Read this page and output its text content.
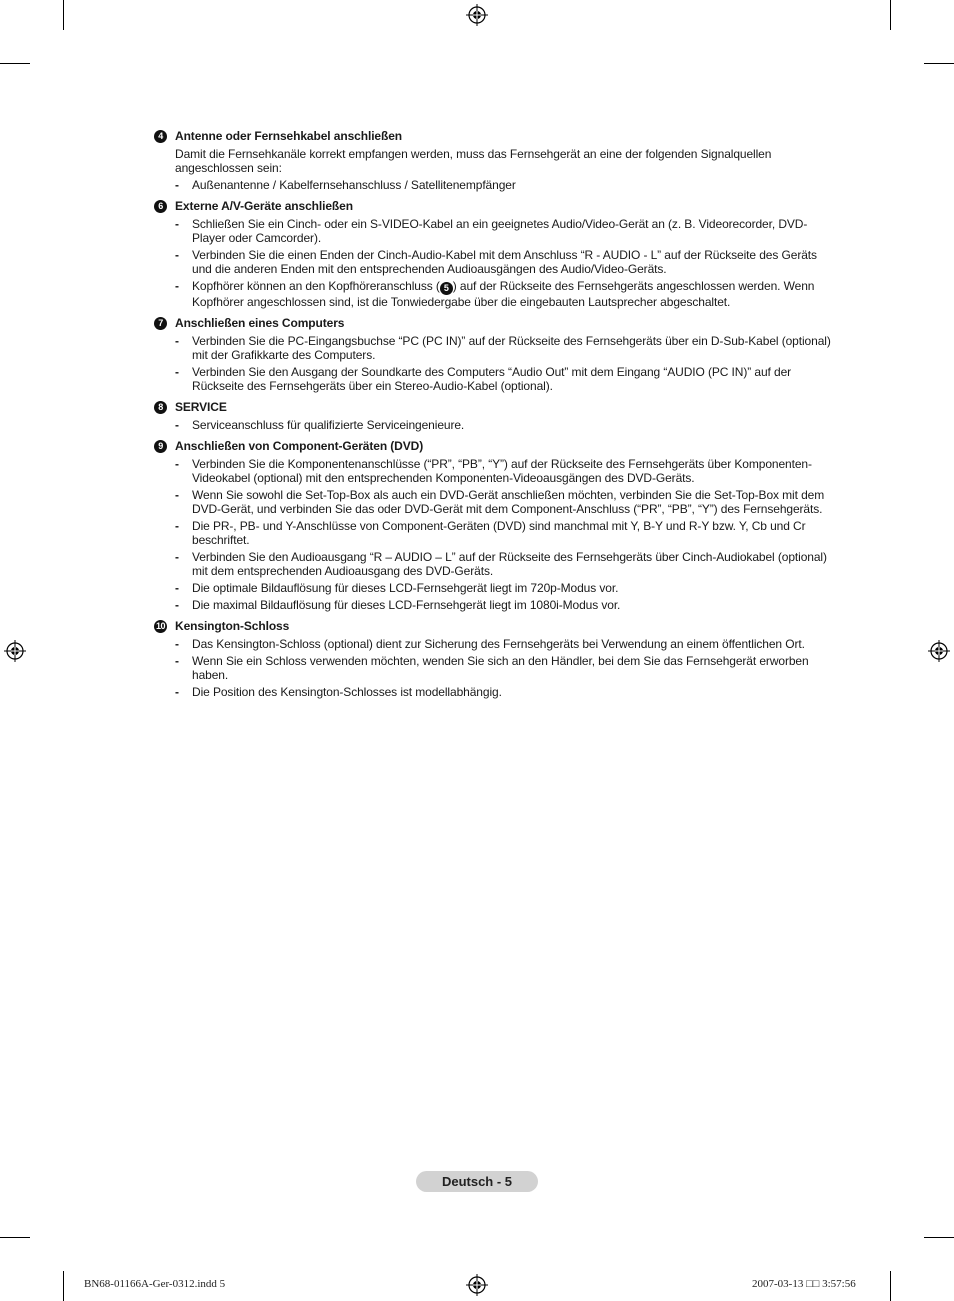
4	Antenne oder Fernsehkabel anschließen
Damit die Fernsehkanäle korrekt empfangen werden, muss das Fernsehgerät an eine der folgenden Signalquellen angeschlossen sein:
-	Außenantenne / Kabelfernsehanschluss / Satellitenempfänger
6	Externe A/V-Geräte anschließen
-	Schließen Sie ein Cinch- oder ein S-VIDEO-Kabel an ein geeignetes Audio/Video-Gerät an (z. B. Videorecorder, DVD-Player oder Camcorder).
-	Verbinden Sie die einen Enden der Cinch-Audio-Kabel mit dem Anschluss “R - AUDIO - L” auf der Rückseite des Geräts und die anderen Enden mit den entsprechenden Audioausgängen des Audio/Video-Geräts.
-	Kopfhörer können an den Kopfhöreranschluss ( 5 ) auf der Rückseite des Fernsehgeräts angeschlossen werden. Wenn Kopfhörer angeschlossen sind, ist die Tonwiedergabe über die eingebauten Lautsprecher abgeschaltet.
7	Anschließen eines Computers
-	Verbinden Sie die PC-Eingangsbuchse “PC (PC IN)” auf der Rückseite des Fernsehgeräts über ein D-Sub-Kabel (optional) mit der Grafikkarte des Computers.
-	Verbinden Sie den Ausgang der Soundkarte des Computers “Audio Out” mit dem Eingang “AUDIO (PC IN)” auf der Rückseite des Fernsehgeräts über ein Stereo-Audio-Kabel (optional).
8	SERVICE
-	Serviceanschluss für qualifizierte Serviceingenieure.
9	Anschließen von Component-Geräten (DVD)
-	Verbinden Sie die Komponentenanschlüsse (“PR”, “PB”, “Y”) auf der Rückseite des Fernsehgeräts über Komponenten-Videokabel (optional) mit den entsprechenden Komponenten-Videoausgängen des DVD-Geräts.
-	Wenn Sie sowohl die Set-Top-Box als auch ein DVD-Gerät anschließen möchten, verbinden Sie die Set-Top-Box mit dem DVD-Gerät, und verbinden Sie das oder DVD-Gerät mit dem Component-Anschluss (“PR”, “PB”, “Y”) des Fernsehgeräts.
-	Die PR-, PB- und Y-Anschlüsse von Component-Geräten (DVD) sind manchmal mit Y, B-Y und R-Y bzw. Y, Cb und Cr beschriftet.
-	Verbinden Sie den Audioausgang “R – AUDIO – L” auf der Rückseite des Fernsehgeräts über Cinch-Audiokabel (optional) mit dem entsprechenden Audioausgang des DVD-Geräts.
-	Die optimale Bildauflösung für dieses LCD-Fernsehgerät liegt im 720p-Modus vor.
-	Die maximal Bildauflösung für dieses LCD-Fernsehgerät liegt im 1080i-Modus vor.
10 Kensington-Schloss
-	Das Kensington-Schloss (optional) dient zur Sicherung des Fernsehgeräts bei Verwendung an einem öffentlichen Ort.
-	Wenn Sie ein Schloss verwenden möchten, wenden Sie sich an den Händler, bei dem Sie das Fernsehgerät erworben haben.
-	Die Position des Kensington-Schlosses ist modellabhängig.
Deutsch - 5
BN68-01166A-Ger-0312.indd 5	2007-03-13 □□ 3:57:56
